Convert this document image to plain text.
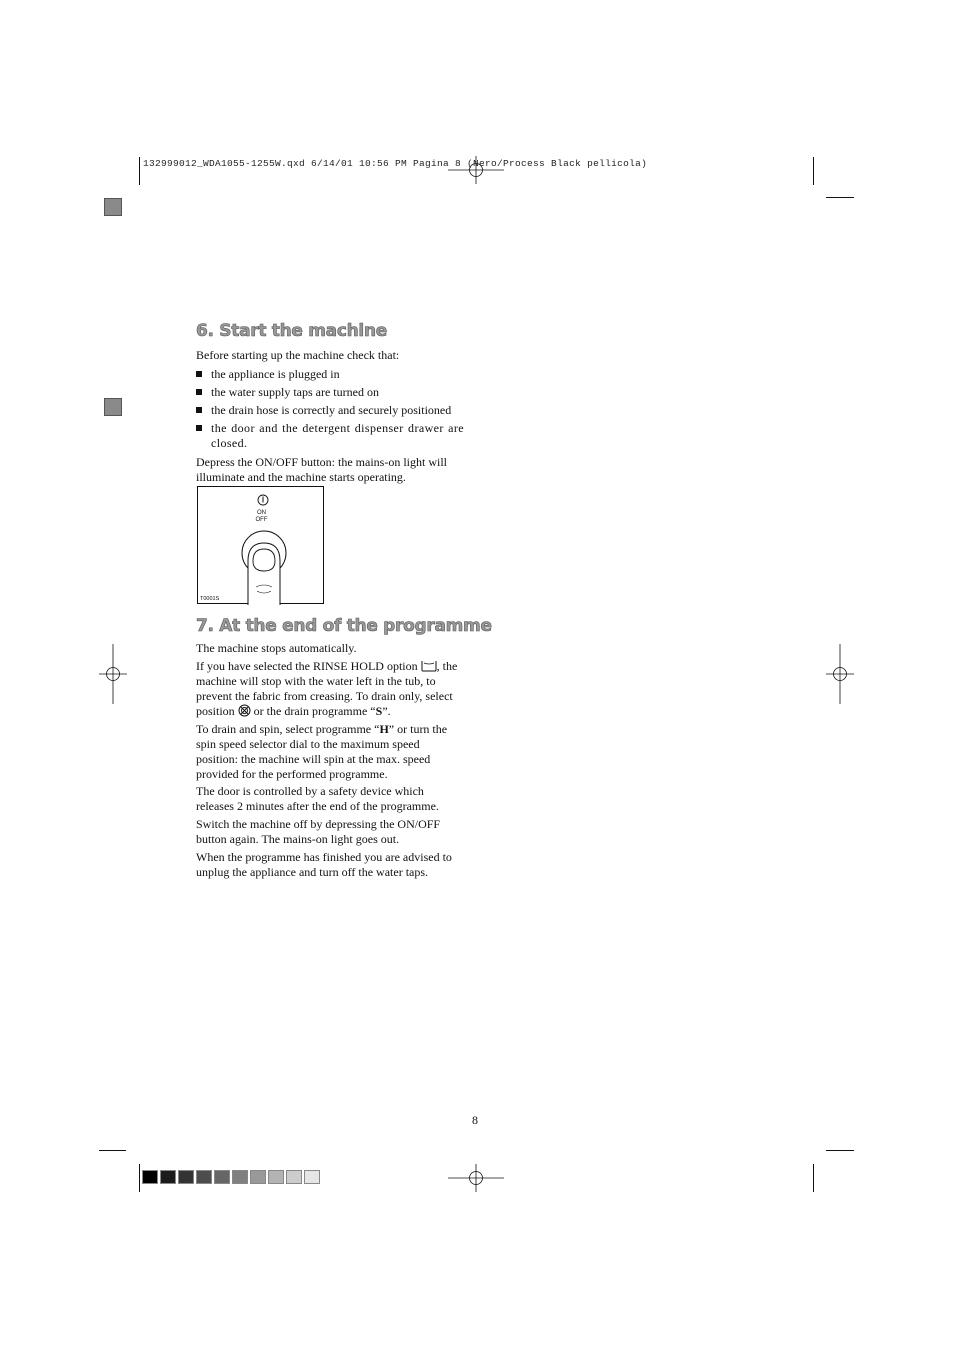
132999012_WDA1055-1255W.qxd 6/14/01 10:56 PM Pagina 8 (Nero/Process Black pellicola)
6. Start the machine

Before starting up the machine check that:

the appliance is plugged in
the water supply taps are turned on
the drain hose is correctly and securely positioned
the door and the detergent dispenser drawer are closed.

Depress the ON/OFF button: the mains-on light will illuminate and the machine starts operating.

ON
OFF
T0001S
7. At the end of the programme

The machine stops automatically.

If you have selected the RINSE HOLD option , the machine will stop with the water left in the tub, to prevent the fabric from creasing. To drain only, select position or the drain programme “S”.

To drain and spin, select programme “H” or turn the spin speed selector dial to the maximum speed position: the machine will spin at the max. speed provided for the performed programme.

The door is controlled by a safety device which releases 2 minutes after the end of the programme.

Switch the machine off by depressing the ON/OFF button again. The mains-on light goes out.

When the programme has finished you are advised to unplug the appliance and turn off the water taps.

8
